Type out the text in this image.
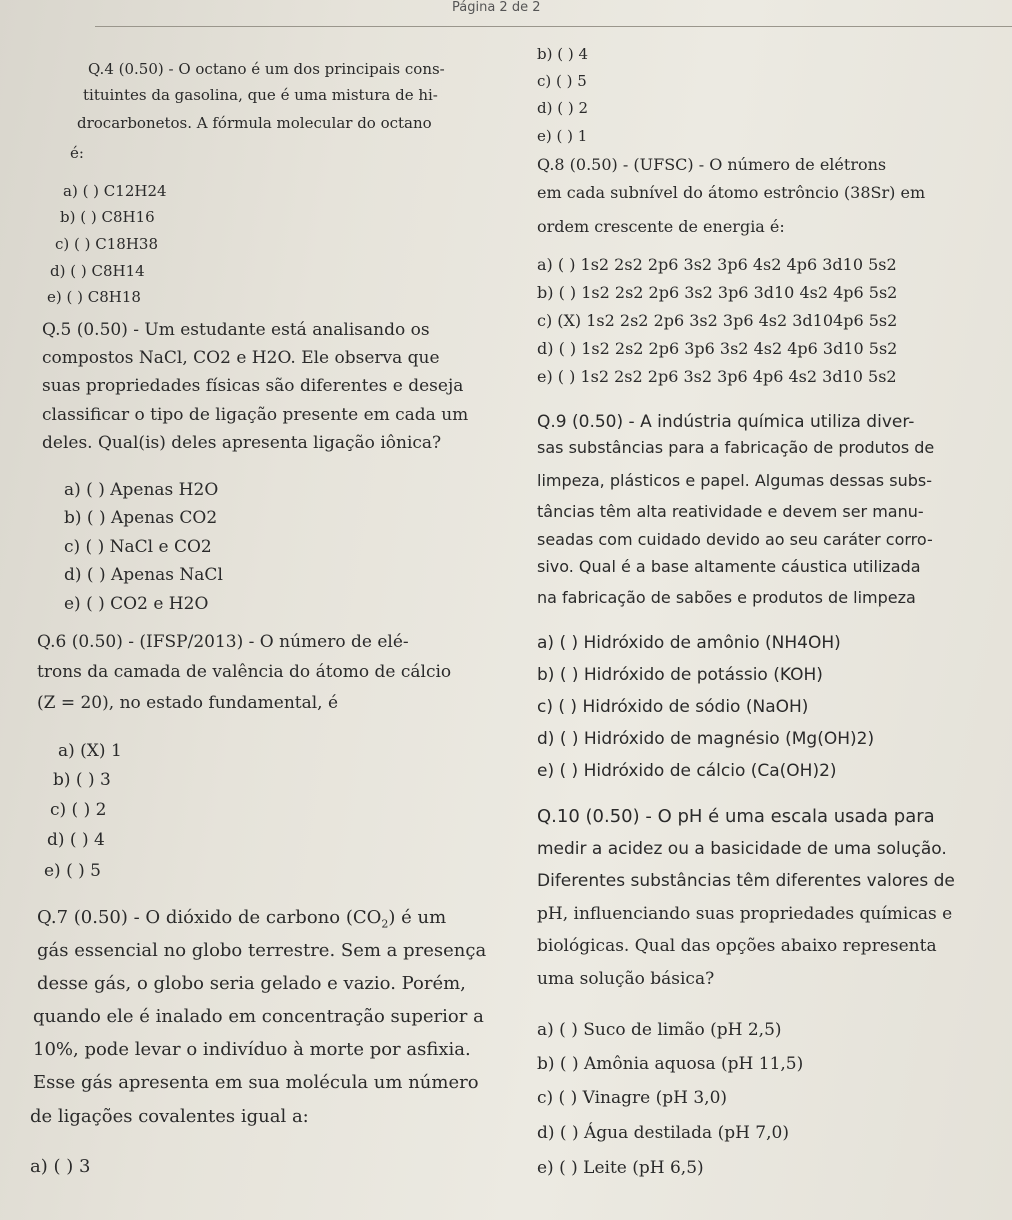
Página 2 de 2
Q.4 (0.50) - O octano é um dos principais cons-
tituintes da gasolina, que é uma mistura de hi-
drocarbonetos. A fórmula molecular do octano
é:
a) ( ) C12H24
b) ( ) C8H16
c) ( ) C18H38
d) ( ) C8H14
e) ( ) C8H18
Q.5 (0.50) - Um estudante está analisando os
compostos NaCl, CO2 e H2O. Ele observa que
suas propriedades físicas são diferentes e deseja
classificar o tipo de ligação presente em cada um
deles. Qual(is) deles apresenta ligação iônica?
a) ( ) Apenas H2O
b) ( ) Apenas CO2
c) ( ) NaCl e CO2
d) ( ) Apenas NaCl
e) ( ) CO2 e H2O
Q.6 (0.50) - (IFSP/2013) - O número de elé-
trons da camada de valência do átomo de cálcio
(Z = 20), no estado fundamental, é
a) (X) 1
b) ( ) 3
c) ( ) 2
d) ( ) 4
e) ( ) 5
Q.7 (0.50) - O dióxido de carbono $(CO_2)$ é um
gás essencial no globo terrestre. Sem a presença
desse gás, o globo seria gelado e vazio. Porém,
quando ele é inalado em concentração superior a
10%, pode levar o indivíduo à morte por asfixia.
Esse gás apresenta em sua molécula um número
de ligações covalentes igual a:
a) ( ) 3
b) ( ) 4
c) ( ) 5
d) ( ) 2
e) ( ) 1
Q.8 (0.50) - (UFSC) - O número de elétrons
em cada subnível do átomo estrôncio (38Sr) em
ordem crescente de energia é:
a) ( ) 1s2 2s2 2p6 3s2 3p6 4s2 4p6 3d10 5s2
b) ( ) 1s2 2s2 2p6 3s2 3p6 3d10 4s2 4p6 5s2
c) (X) 1s2 2s2 2p6 3s2 3p6 4s2 3d104p6 5s2
d) ( ) 1s2 2s2 2p6 3p6 3s2 4s2 4p6 3d10 5s2
e) ( ) 1s2 2s2 2p6 3s2 3p6 4p6 4s2 3d10 5s2
Q.9 (0.50) - A indústria química utiliza diver-
sas substâncias para a fabricação de produtos de
limpeza, plásticos e papel. Algumas dessas subs-
tâncias têm alta reatividade e devem ser manu-
seadas com cuidado devido ao seu caráter corro-
sivo. Qual é a base altamente cáustica utilizada
na fabricação de sabões e produtos de limpeza
a) ( ) Hidróxido de amônio (NH4OH)
b) ( ) Hidróxido de potássio (KOH)
c) ( ) Hidróxido de sódio (NaOH)
d) ( ) Hidróxido de magnésio (Mg(OH)2)
e) ( ) Hidróxido de cálcio (Ca(OH)2)
Q.10 (0.50) - O pH é uma escala usada para
medir a acidez ou a basicidade de uma solução.
Diferentes substâncias têm diferentes valores de
pH, influenciando suas propriedades químicas e
biológicas. Qual das opções abaixo representa
uma solução básica?
a) ( ) Suco de limão (pH 2,5)
b) ( ) Amônia aquosa (pH 11,5)
c) ( ) Vinagre (pH 3,0)
d) ( ) Água destilada (pH 7,0)
e) ( ) Leite (pH 6,5)
